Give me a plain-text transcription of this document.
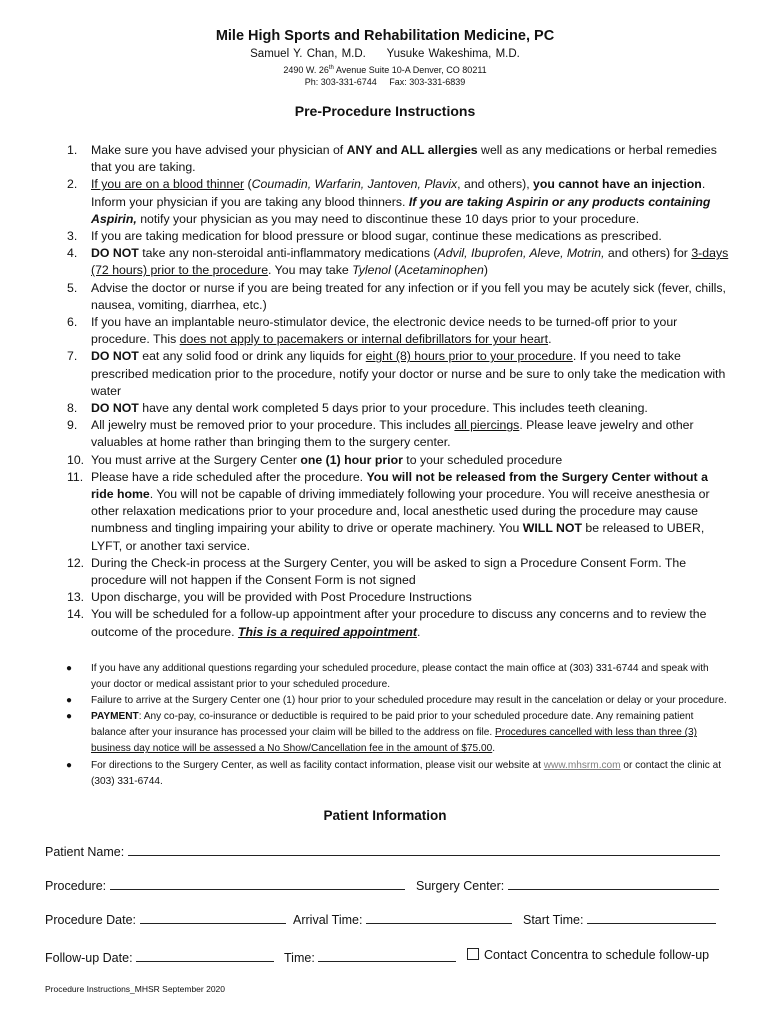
Mile High Sports and Rehabilitation Medicine, PC
Samuel Y. Chan, M.D.     Yusuke Wakeshima, M.D.
2490 W. 26th Avenue Suite 10-A Denver, CO 80211
Ph: 303-331-6744     Fax: 303-331-6839
Pre-Procedure Instructions
1. Make sure you have advised your physician of ANY and ALL allergies well as any medications or herbal remedies that you are taking.
2. If you are on a blood thinner (Coumadin, Warfarin, Jantoven, Plavix, and others), you cannot have an injection. Inform your physician if you are taking any blood thinners. If you are taking Aspirin or any products containing Aspirin, notify your physician as you may need to discontinue these 10 days prior to your procedure.
3. If you are taking medication for blood pressure or blood sugar, continue these medications as prescribed.
4. DO NOT take any non-steroidal anti-inflammatory medications (Advil, Ibuprofen, Aleve, Motrin, and others) for 3-days (72 hours) prior to the procedure. You may take Tylenol (Acetaminophen)
5. Advise the doctor or nurse if you are being treated for any infection or if you fell you may be acutely sick (fever, chills, nausea, vomiting, diarrhea, etc.)
6. If you have an implantable neuro-stimulator device, the electronic device needs to be turned-off prior to your procedure. This does not apply to pacemakers or internal defibrillators for your heart.
7. DO NOT eat any solid food or drink any liquids for eight (8) hours prior to your procedure. If you need to take prescribed medication prior to the procedure, notify your doctor or nurse and be sure to only take the medication with water
8. DO NOT have any dental work completed 5 days prior to your procedure. This includes teeth cleaning.
9. All jewelry must be removed prior to your procedure. This includes all piercings. Please leave jewelry and other valuables at home rather than bringing them to the surgery center.
10. You must arrive at the Surgery Center one (1) hour prior to your scheduled procedure
11. Please have a ride scheduled after the procedure. You will not be released from the Surgery Center without a ride home. You will not be capable of driving immediately following your procedure. You will receive anesthesia or other relaxation medications prior to your procedure and, local anesthetic used during the procedure may cause numbness and tingling impairing your ability to drive or operate machinery. You WILL NOT be released to UBER, LYFT, or another taxi service.
12. During the Check-in process at the Surgery Center, you will be asked to sign a Procedure Consent Form. The procedure will not happen if the Consent Form is not signed
13. Upon discharge, you will be provided with Post Procedure Instructions
14. You will be scheduled for a follow-up appointment after your procedure to discuss any concerns and to review the outcome of the procedure. This is a required appointment.
● If you have any additional questions regarding your scheduled procedure, please contact the main office at (303) 331-6744 and speak with your doctor or medical assistant prior to your scheduled procedure.
● Failure to arrive at the Surgery Center one (1) hour prior to your scheduled procedure may result in the cancelation or delay or your procedure.
● PAYMENT: Any co-pay, co-insurance or deductible is required to be paid prior to your scheduled procedure date. Any remaining patient balance after your insurance has processed your claim will be billed to the address on file. Procedures cancelled with less than three (3) business day notice will be assessed a No Show/Cancellation fee in the amount of $75.00.
● For directions to the Surgery Center, as well as facility contact information, please visit our website at www.mhsrm.com or contact the clinic at (303) 331-6744.
Patient Information
Patient Name:
Procedure:	Surgery Center:
Procedure Date:	Arrival Time:	Start Time:
Follow-up Date:	Time:	Contact Concentra to schedule follow-up
Procedure Instructions_MHSR September 2020
